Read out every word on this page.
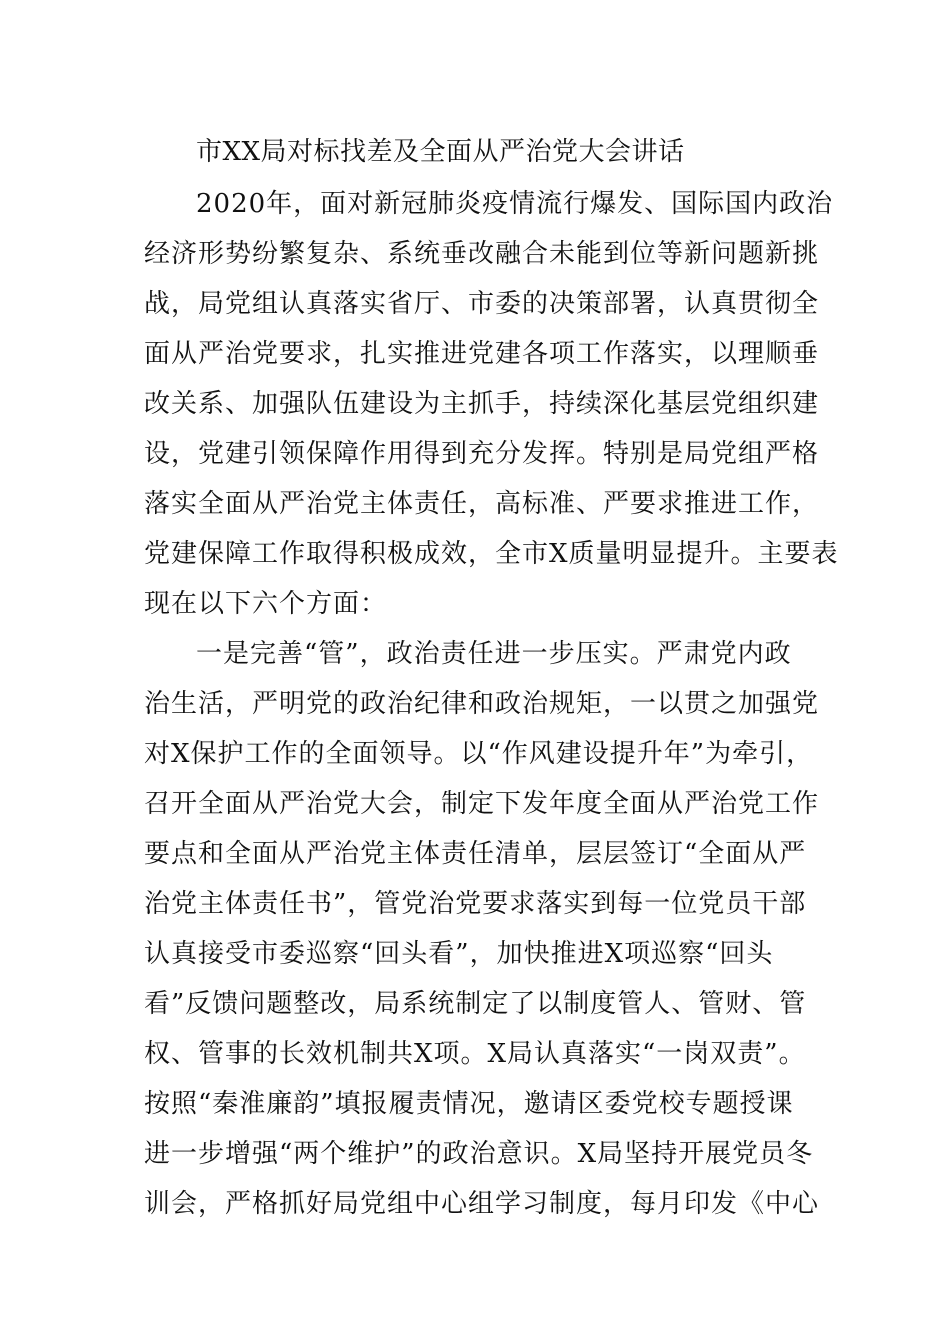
市XX局对标找差及全面从严治党大会讲话
2020年，面对新冠肺炎疫情流行爆发、国际国内政治
经济形势纷繁复杂、系统垂改融合未能到位等新问题新挑
战，局党组认真落实省厅、市委的决策部署，认真贯彻全
面从严治党要求，扎实推进党建各项工作落实，以理顺垂
改关系、加强队伍建设为主抓手，持续深化基层党组织建
设，党建引领保障作用得到充分发挥。特别是局党组严格
落实全面从严治党主体责任，高标准、严要求推进工作，
党建保障工作取得积极成效，全市X质量明显提升。主要表
现在以下六个方面：
一是完善“管”，政治责任进一步压实。严肃党内政
治生活，严明党的政治纪律和政治规矩，一以贯之加强党
对X保护工作的全面领导。以“作风建设提升年”为牵引，
召开全面从严治党大会，制定下发年度全面从严治党工作
要点和全面从严治党主体责任清单，层层签订“全面从严
治党主体责任书”，管党治党要求落实到每一位党员干部
认真接受市委巡察“回头看”，加快推进X项巡察“回头
看”反馈问题整改，局系统制定了以制度管人、管财、管
权、管事的长效机制共X项。X局认真落实“一岗双责”。
按照“秦淮廉韵”填报履责情况，邀请区委党校专题授课
进一步增强“两个维护”的政治意识。X局坚持开展党员冬
训会，严格抓好局党组中心组学习制度，每月印发《中心
